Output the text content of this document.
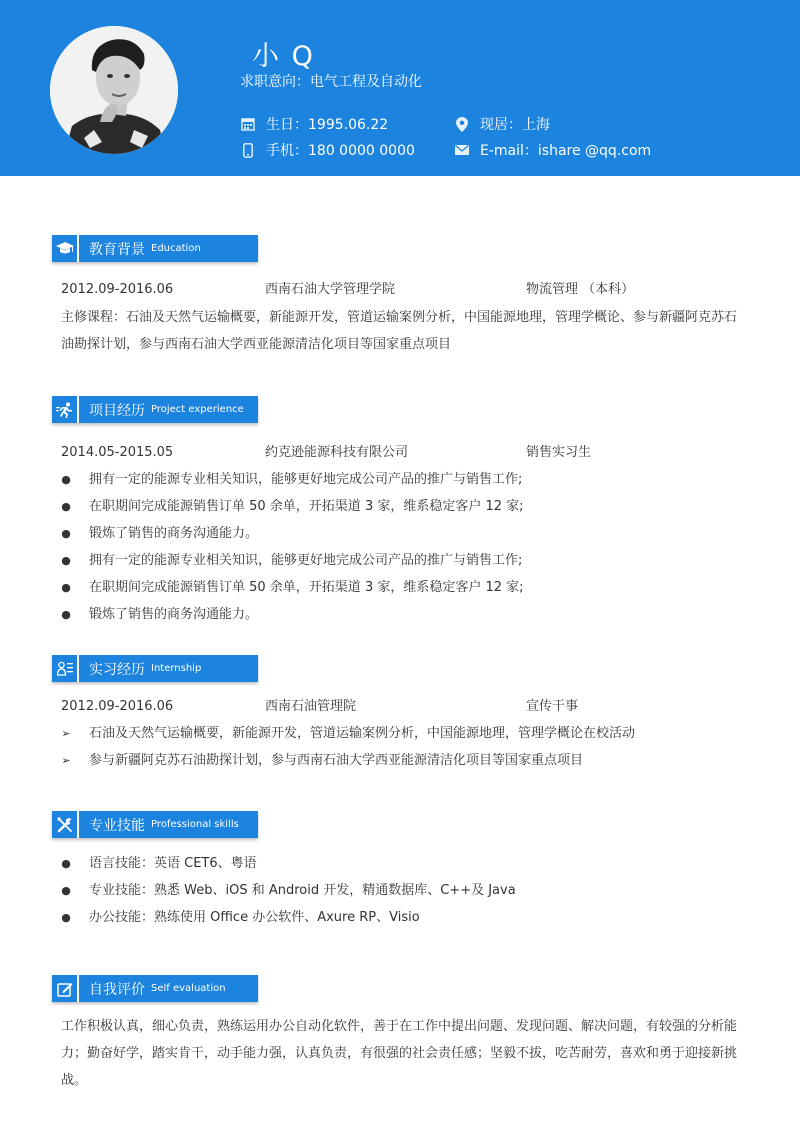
小 Q
求职意向：电气工程及自动化
生日：1995.06.22
手机：180 0000 0000
现居：上海
E-mail：ishare @qq.com
教育背景 Education
2012.09-2016.06	西南石油大学管理学院	物流管理 （本科）
主修课程：石油及天然气运输概要，新能源开发，管道运输案例分析，中国能源地理，管理学概论、参与新疆阿克苏石油勘探计划，参与西南石油大学西亚能源清洁化项目等国家重点项目
项目经历 Project experience
2014.05-2015.05	约克逊能源科技有限公司	销售实习生
● 拥有一定的能源专业相关知识，能够更好地完成公司产品的推广与销售工作;
● 在职期间完成能源销售订单 50 余单，开拓渠道 3 家，维系稳定客户 12 家;
● 锻炼了销售的商务沟通能力。
● 拥有一定的能源专业相关知识，能够更好地完成公司产品的推广与销售工作;
● 在职期间完成能源销售订单 50 余单，开拓渠道 3 家，维系稳定客户 12 家;
● 锻炼了销售的商务沟通能力。
实习经历 Internship
2012.09-2016.06	西南石油管理院	宣传干事
➢ 石油及天然气运输概要，新能源开发，管道运输案例分析，中国能源地理，管理学概论在校活动
➢ 参与新疆阿克苏石油勘探计划，参与西南石油大学西亚能源清洁化项目等国家重点项目
专业技能 Professional skills
● 语言技能：英语 CET6、粤语
● 专业技能：熟悉 Web、iOS 和 Android 开发，精通数据库、C++及 Java
● 办公技能：熟练使用 Office 办公软件、Axure RP、Visio
自我评价 Self evaluation
工作积极认真，细心负责，熟练运用办公自动化软件，善于在工作中提出问题、发现问题、解决问题，有较强的分析能力；勤奋好学，踏实肯干，动手能力强，认真负责，有很强的社会责任感；坚毅不拔，吃苦耐劳，喜欢和勇于迎接新挑战。
